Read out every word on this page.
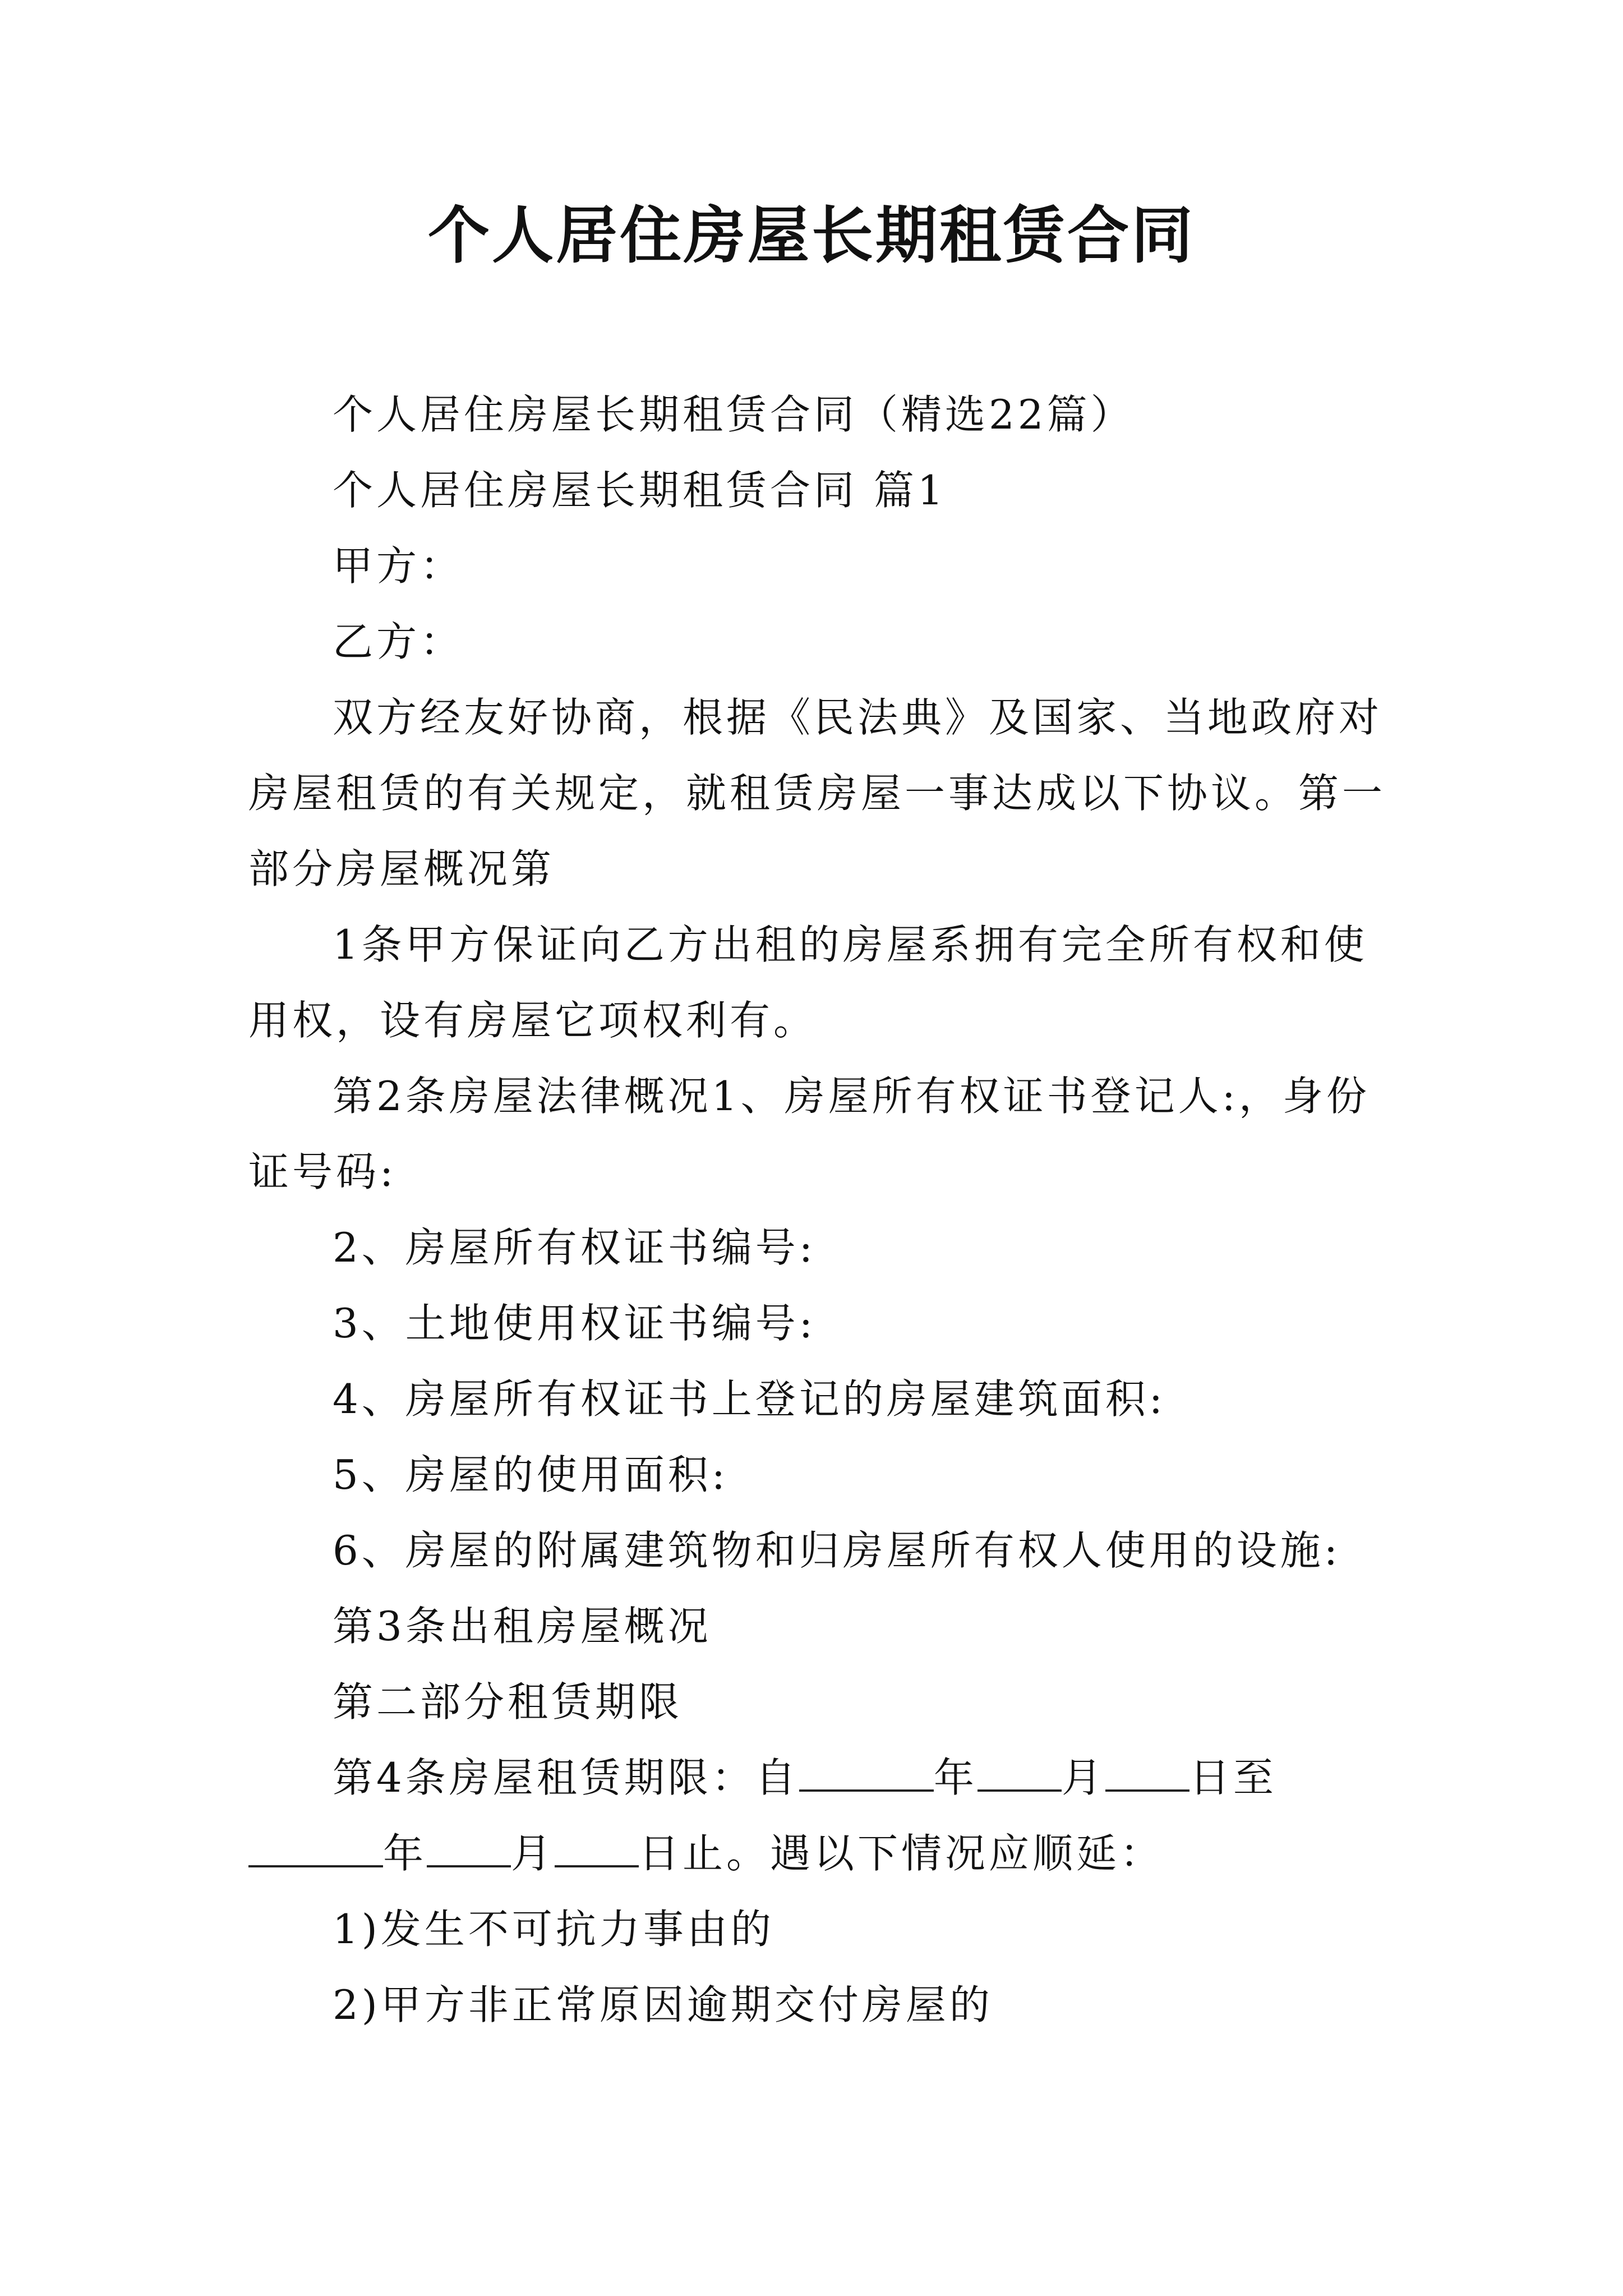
个人居住房屋长期租赁合同

个人居住房屋长期租赁合同（精选22篇）

个人居住房屋长期租赁合同 篇1

甲方：

乙方：

双方经友好协商，根据《民法典》及国家、当地政府对房屋租赁的有关规定，就租赁房屋一事达成以下协议。第一部分房屋概况第

1条甲方保证向乙方出租的房屋系拥有完全所有权和使用权，设有房屋它项权利有。

第2条房屋法律概况1、房屋所有权证书登记人:，身份证号码:

2、房屋所有权证书编号:

3、土地使用权证书编号:

4、房屋所有权证书上登记的房屋建筑面积:

5、房屋的使用面积:

6、房屋的附属建筑物和归房屋所有权人使用的设施:

第3条出租房屋概况

第二部分租赁期限

第4条房屋租赁期限：自	年 月 日至年 月 日止。遇以下情况应顺延：

1)发生不可抗力事由的

2)甲方非正常原因逾期交付房屋的
